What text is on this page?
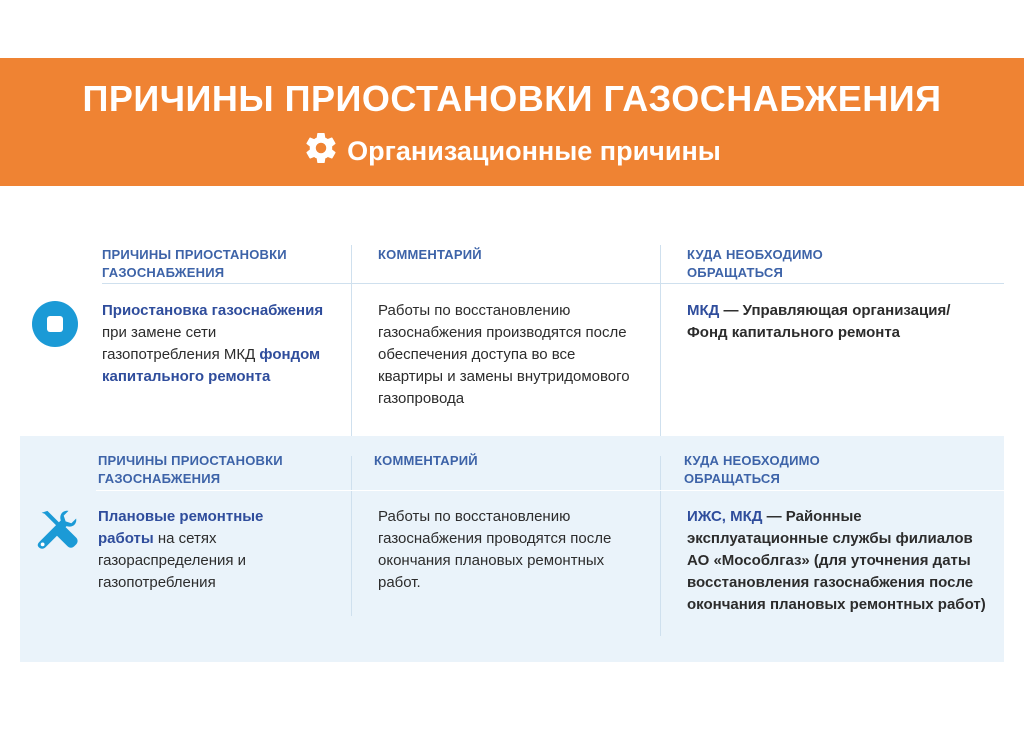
ПРИЧИНЫ ПРИОСТАНОВКИ ГАЗОСНАБЖЕНИЯ
Организационные причины
ПРИЧИНЫ ПРИОСТАНОВКИ ГАЗОСНАБЖЕНИЯ
КОММЕНТАРИЙ	КУДА НЕОБХОДИМО ОБРАЩАТЬСЯ
Приостановка газоснабжения при замене сети газопотребления МКД фондом капитального ремонта
Работы по восстановлению газоснабжения производятся после обеспечения доступа во все квартиры и замены внутридомового газопровода
МКД — Управляющая организация/Фонд капитального ремонта
ПРИЧИНЫ ПРИОСТАНОВКИ ГАЗОСНАБЖЕНИЯ
КОММЕНТАРИЙ	КУДА НЕОБХОДИМО ОБРАЩАТЬСЯ
Плановые ремонтные работы на сетях газораспределения и газопотребления
Работы по восстановлению газоснабжения проводятся после окончания плановых ремонтных работ.
ИЖС, МКД — Районные эксплуатационные службы филиалов АО «Мособлгаз» (для уточнения даты восстановления газоснабжения после окончания плановых ремонтных работ)
